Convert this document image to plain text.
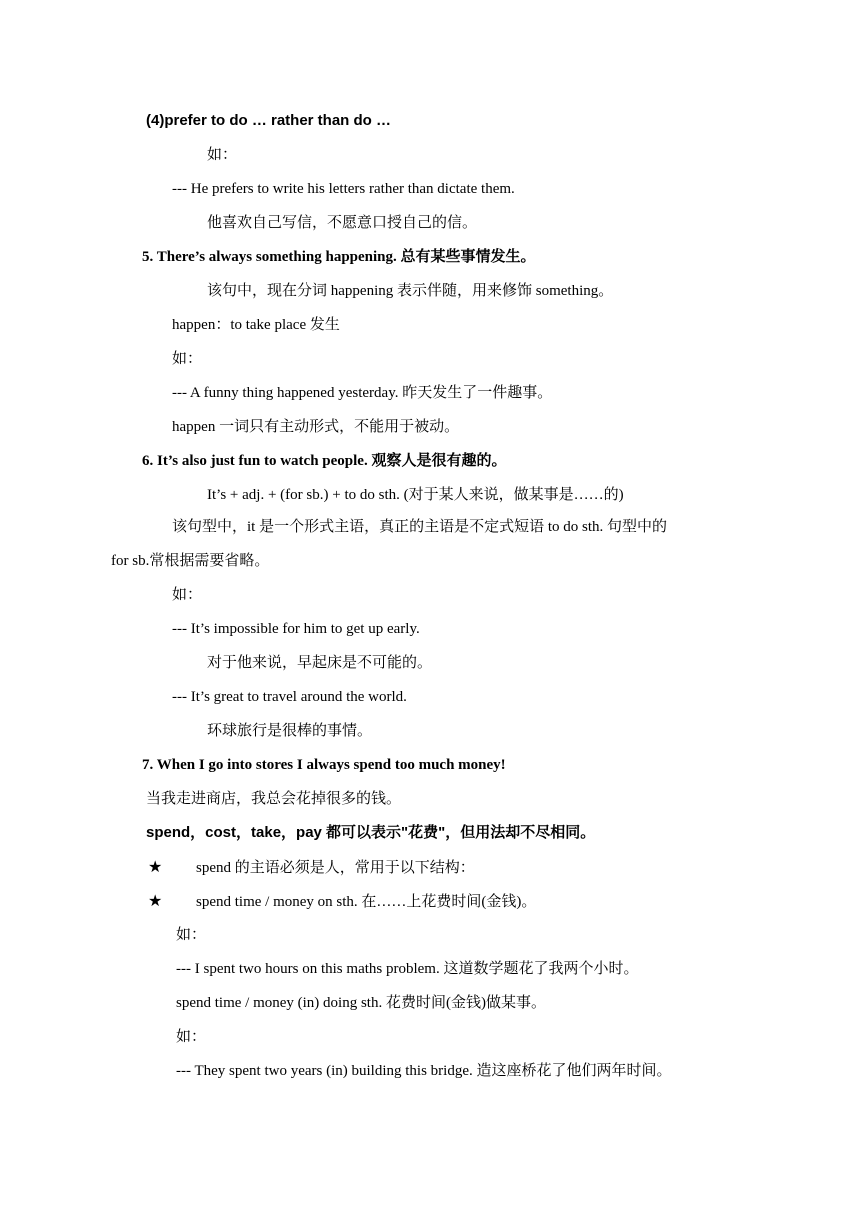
(4)prefer to do … rather than do …
如：
--- He prefers to write his letters rather than dictate them.
他喜欢自己写信，不愿意口授自己的信。
5. There’s always something happening. 总有某些事情发生。
该句中，现在分词 happening 表示伴随，用来修饰 something。
happen：to take place 发生
如：
--- A funny thing happened yesterday. 昨天发生了一件趣事。
happen 一词只有主动形式，不能用于被动。
6. It’s also just fun to watch people. 观察人是很有趣的。
It’s + adj. + (for sb.) + to do sth. (对于某人来说，做某事是……的)
该句型中，it 是一个形式主语，真正的主语是不定式短语 to do sth. 句型中的
for sb.常根据需要省略。
如：
--- It’s impossible for him to get up early.
对于他来说，早起床是不可能的。
--- It’s great to travel around the world.
环球旅行是很棒的事情。
7. When I go into stores I always spend too much money!
当我走进商店，我总会花掉很多的钱。
spend，cost，take，pay 都可以表示"花费"，但用法却不尽相同。
★ spend 的主语必须是人，常用于以下结构：
★ spend time / money on sth. 在……上花费时间(金钱)。
如：
--- I spent two hours on this maths problem. 这道数学题花了我两个小时。
spend time / money (in) doing sth. 花费时间(金钱)做某事。
如：
--- They spent two years (in) building this bridge. 造这座桥花了他们两年时间。
